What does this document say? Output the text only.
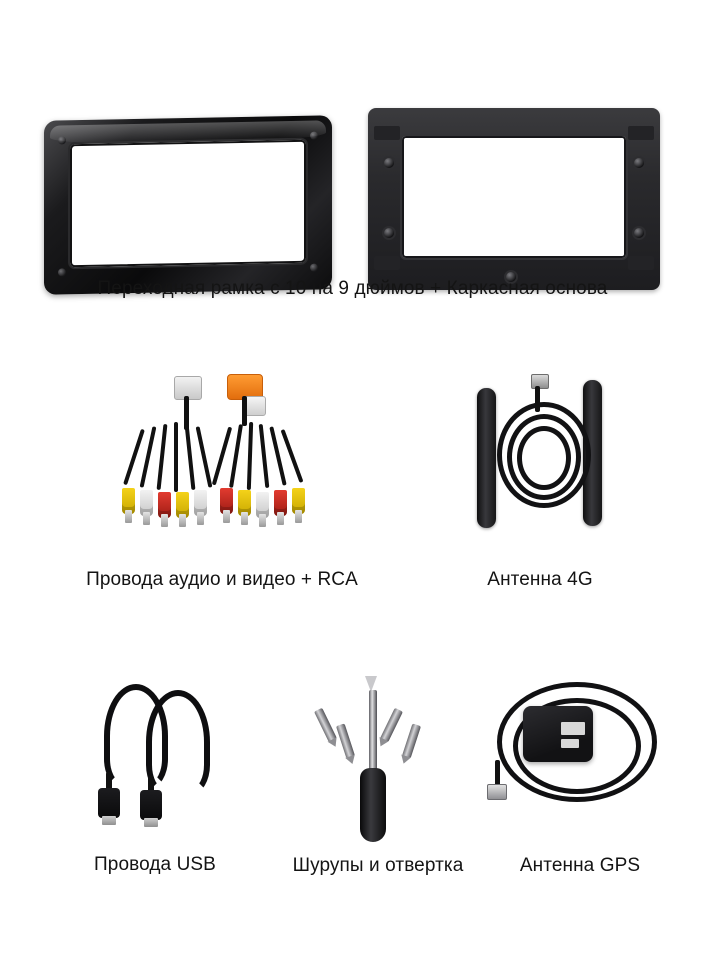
Переходная рамка с 10 на 9 дюймов + Каркасная основа
Провода аудио и видео + RCA	Антенна 4G
Провода USB	Шурупы и отвертка	Антенна GPS
